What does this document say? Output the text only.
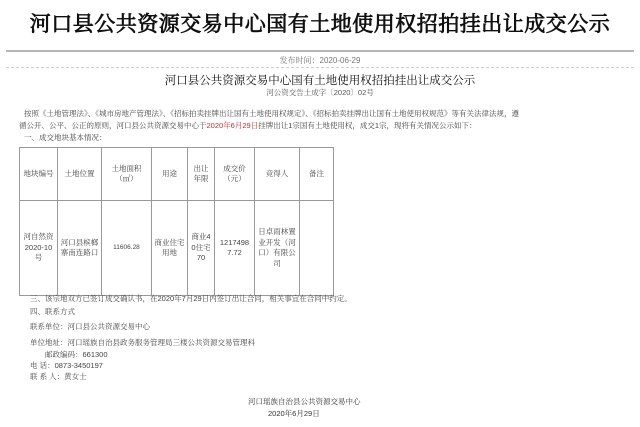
河口县公共资源交易中心国有土地使用权招拍挂出让成交公示
发布时间：2020-06-29
河口县公共资源交易中心国有土地使用权招拍挂出让成交公示
河公资交告土成字〔2020〕02号
按照《土地管理法》、《城市房地产管理法》、《招标拍卖挂牌出让国有土地使用权规定》、《招标拍卖挂牌出让国有土地使用权规范》等有关法律法规，遵
循公开、公平、公正的原则，河口县公共资源交易中心于2020年6月29日挂牌出让1宗国有土地使用权，成交1宗，现将有关情况公示如下：
一、成交地块基本情况：
地块编号	土地位置	土地面积（㎡）	用途	出让年限	成交价（元）	竞得人	备注
河自然资2020-10号	河口县槟榔寨南连路口	11606.28	商业住宅用地	商业40住宅70	12174987.72	日卓雨林置业开发（河口）有限公司	
三、该宗地双方已签订成交确认书，在2020年7月29日内签订出让合同，相关事宜在合同中约定。
四、联系方式
联系单位：河口县公共资源交易中心
单位地址：河口瑶族自治县政务服务管理局三楼公共资源交易管理科
邮政编码：661300
电 话：0873-3450197
联 系 人：黄女士
河口瑶族自治县公共资源交易中心
2020年6月29日
